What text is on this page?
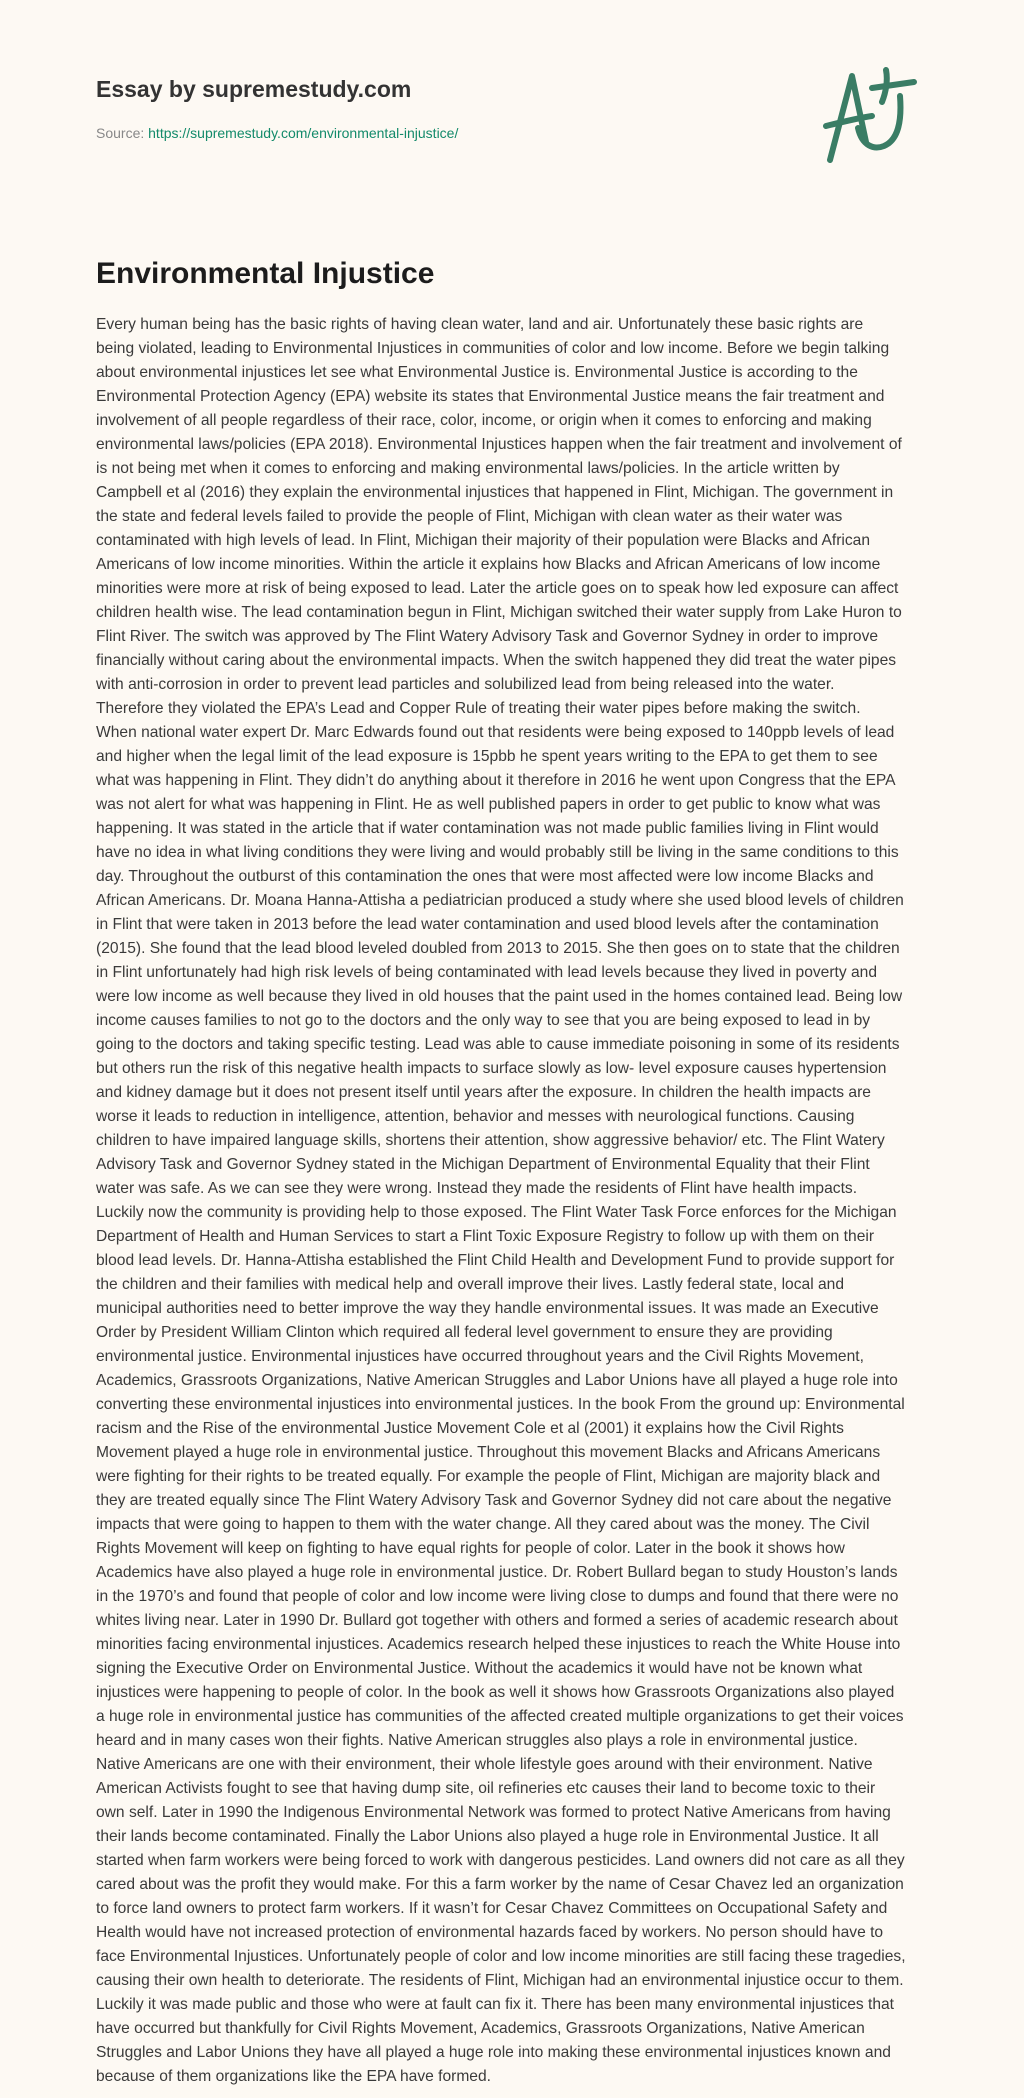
Essay by supremestudy.com
Source: https://supremestudy.com/environmental-injustice/
Environmental Injustice
Every human being has the basic rights of having clean water, land and air. Unfortunately these basic rights are
being violated, leading to Environmental Injustices in communities of color and low income. Before we begin talking
about environmental injustices let see what Environmental Justice is. Environmental Justice is according to the
Environmental Protection Agency (EPA) website its states that Environmental Justice means the fair treatment and
involvement of all people regardless of their race, color, income, or origin when it comes to enforcing and making
environmental laws/policies (EPA 2018). Environmental Injustices happen when the fair treatment and involvement of
is not being met when it comes to enforcing and making environmental laws/policies. In the article written by
Campbell et al (2016) they explain the environmental injustices that happened in Flint, Michigan. The government in
the state and federal levels failed to provide the people of Flint, Michigan with clean water as their water was
contaminated with high levels of lead. In Flint, Michigan their majority of their population were Blacks and African
Americans of low income minorities. Within the article it explains how Blacks and African Americans of low income
minorities were more at risk of being exposed to lead. Later the article goes on to speak how led exposure can affect
children health wise. The lead contamination begun in Flint, Michigan switched their water supply from Lake Huron to
Flint River. The switch was approved by The Flint Watery Advisory Task and Governor Sydney in order to improve
financially without caring about the environmental impacts. When the switch happened they did treat the water pipes
with anti-corrosion in order to prevent lead particles and solubilized lead from being released into the water.
Therefore they violated the EPA’s Lead and Copper Rule of treating their water pipes before making the switch.
When national water expert Dr. Marc Edwards found out that residents were being exposed to 140ppb levels of lead
and higher when the legal limit of the lead exposure is 15pbb he spent years writing to the EPA to get them to see
what was happening in Flint. They didn’t do anything about it therefore in 2016 he went upon Congress that the EPA
was not alert for what was happening in Flint. He as well published papers in order to get public to know what was
happening. It was stated in the article that if water contamination was not made public families living in Flint would
have no idea in what living conditions they were living and would probably still be living in the same conditions to this
day. Throughout the outburst of this contamination the ones that were most affected were low income Blacks and
African Americans. Dr. Moana Hanna-Attisha a pediatrician produced a study where she used blood levels of children
in Flint that were taken in 2013 before the lead water contamination and used blood levels after the contamination
(2015). She found that the lead blood leveled doubled from 2013 to 2015. She then goes on to state that the children
in Flint unfortunately had high risk levels of being contaminated with lead levels because they lived in poverty and
were low income as well because they lived in old houses that the paint used in the homes contained lead. Being low
income causes families to not go to the doctors and the only way to see that you are being exposed to lead in by
going to the doctors and taking specific testing. Lead was able to cause immediate poisoning in some of its residents
but others run the risk of this negative health impacts to surface slowly as low- level exposure causes hypertension
and kidney damage but it does not present itself until years after the exposure. In children the health impacts are
worse it leads to reduction in intelligence, attention, behavior and messes with neurological functions. Causing
children to have impaired language skills, shortens their attention, show aggressive behavior/ etc. The Flint Watery
Advisory Task and Governor Sydney stated in the Michigan Department of Environmental Equality that their Flint
water was safe. As we can see they were wrong. Instead they made the residents of Flint have health impacts.
Luckily now the community is providing help to those exposed. The Flint Water Task Force enforces for the Michigan
Department of Health and Human Services to start a Flint Toxic Exposure Registry to follow up with them on their
blood lead levels. Dr. Hanna-Attisha established the Flint Child Health and Development Fund to provide support for
the children and their families with medical help and overall improve their lives. Lastly federal state, local and
municipal authorities need to better improve the way they handle environmental issues. It was made an Executive
Order by President William Clinton which required all federal level government to ensure they are providing
environmental justice. Environmental injustices have occurred throughout years and the Civil Rights Movement,
Academics, Grassroots Organizations, Native American Struggles and Labor Unions have all played a huge role into
converting these environmental injustices into environmental justices. In the book From the ground up: Environmental
racism and the Rise of the environmental Justice Movement Cole et al (2001) it explains how the Civil Rights
Movement played a huge role in environmental justice. Throughout this movement Blacks and Africans Americans
were fighting for their rights to be treated equally. For example the people of Flint, Michigan are majority black and
they are treated equally since The Flint Watery Advisory Task and Governor Sydney did not care about the negative
impacts that were going to happen to them with the water change. All they cared about was the money. The Civil
Rights Movement will keep on fighting to have equal rights for people of color. Later in the book it shows how
Academics have also played a huge role in environmental justice. Dr. Robert Bullard began to study Houston’s lands
in the 1970’s and found that people of color and low income were living close to dumps and found that there were no
whites living near. Later in 1990 Dr. Bullard got together with others and formed a series of academic research about
minorities facing environmental injustices. Academics research helped these injustices to reach the White House into
signing the Executive Order on Environmental Justice. Without the academics it would have not be known what
injustices were happening to people of color. In the book as well it shows how Grassroots Organizations also played
a huge role in environmental justice has communities of the affected created multiple organizations to get their voices
heard and in many cases won their fights. Native American struggles also plays a role in environmental justice.
Native Americans are one with their environment, their whole lifestyle goes around with their environment. Native
American Activists fought to see that having dump site, oil refineries etc causes their land to become toxic to their
own self. Later in 1990 the Indigenous Environmental Network was formed to protect Native Americans from having
their lands become contaminated. Finally the Labor Unions also played a huge role in Environmental Justice. It all
started when farm workers were being forced to work with dangerous pesticides. Land owners did not care as all they
cared about was the profit they would make. For this a farm worker by the name of Cesar Chavez led an organization
to force land owners to protect farm workers. If it wasn’t for Cesar Chavez Committees on Occupational Safety and
Health would have not increased protection of environmental hazards faced by workers. No person should have to
face Environmental Injustices. Unfortunately people of color and low income minorities are still facing these tragedies,
causing their own health to deteriorate. The residents of Flint, Michigan had an environmental injustice occur to them.
Luckily it was made public and those who were at fault can fix it. There has been many environmental injustices that
have occurred but thankfully for Civil Rights Movement, Academics, Grassroots Organizations, Native American
Struggles and Labor Unions they have all played a huge role into making these environmental injustices known and
because of them organizations like the EPA have formed.
